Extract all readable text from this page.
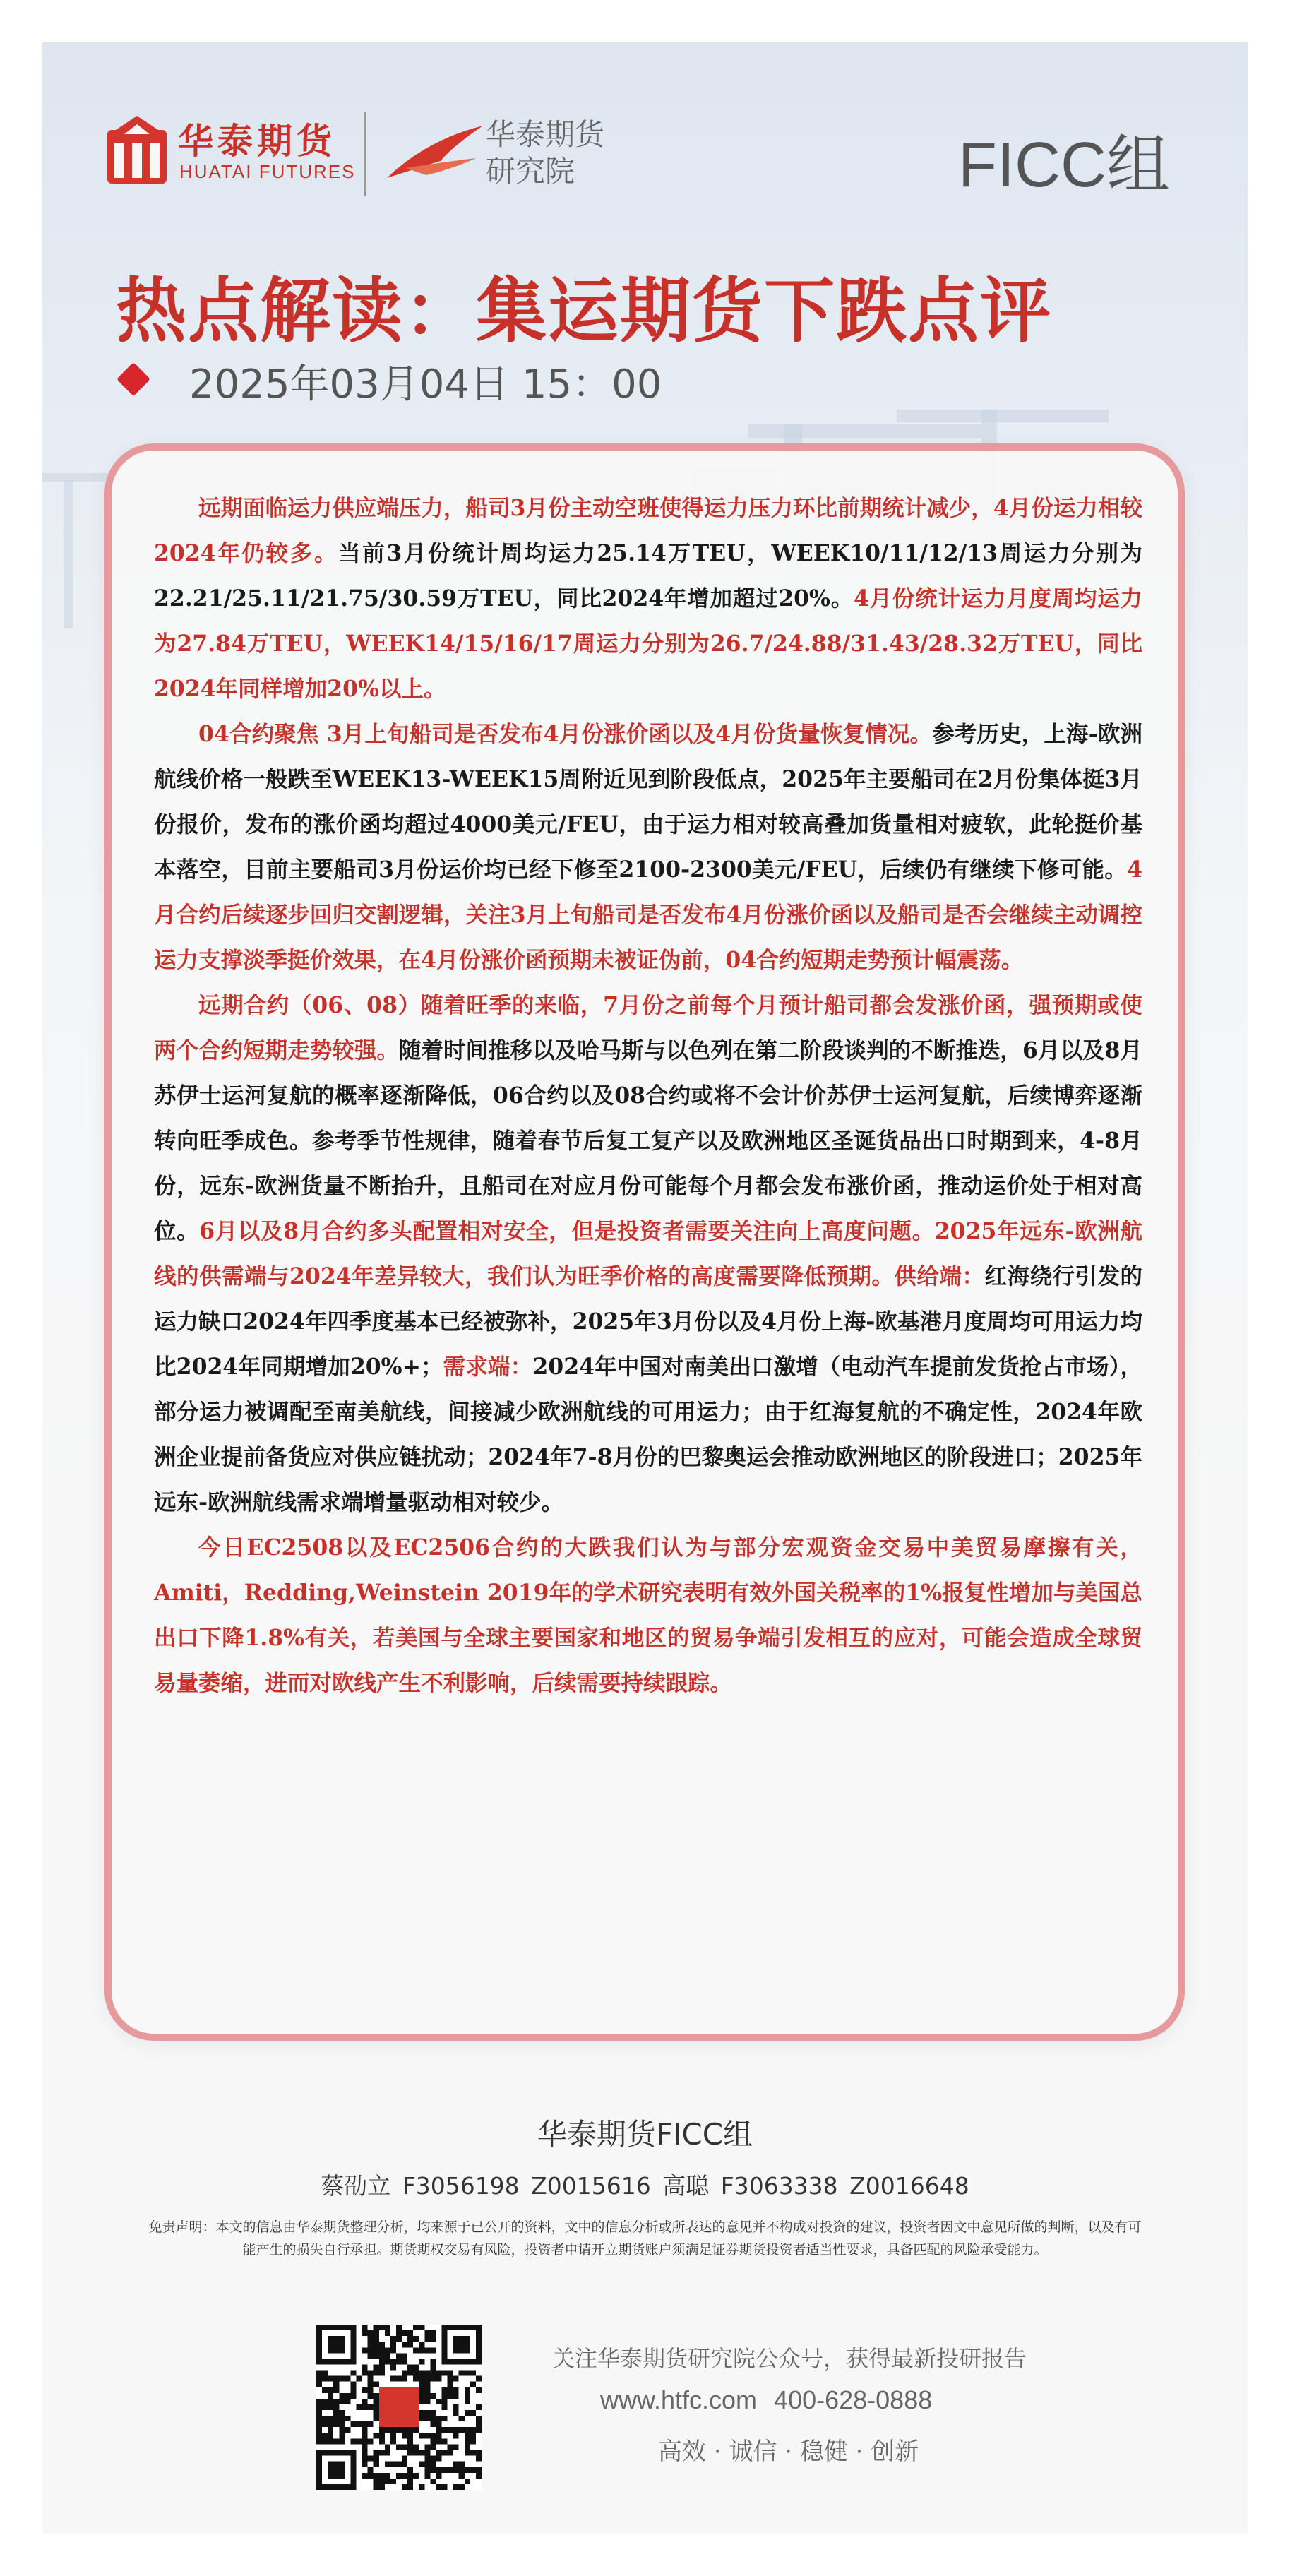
华泰期货
HUATAI FUTURES
华泰期货
研究院	FICC组
热点解读：集运期货下跌点评
2025年03月04日 15：00

远期面临运力供应端压力，船司3月份主动空班使得运力压力环比前期统计减少，4月份运力相较2024年仍较多。当前3月份统计周均运力25.14万TEU，WEEK10/11/12/13周运力分别为22.21/25.11/21.75/30.59万TEU，同比2024年增加超过20%。4月份统计运力月度周均运力为27.84万TEU，WEEK14/15/16/17周运力分别为26.7/24.88/31.43/28.32万TEU，同比2024年同样增加20%以上。

04合约聚焦 3月上旬船司是否发布4月份涨价函以及4月份货量恢复情况。参考历史，上海-欧洲航线价格一般跌至WEEK13-WEEK15周附近见到阶段低点，2025年主要船司在2月份集体挺3月份报价，发布的涨价函均超过4000美元/FEU，由于运力相对较高叠加货量相对疲软，此轮挺价基本落空，目前主要船司3月份运价均已经下修至2100-2300美元/FEU，后续仍有继续下修可能。4月合约后续逐步回归交割逻辑，关注3月上旬船司是否发布4月份涨价函以及船司是否会继续主动调控运力支撑淡季挺价效果，在4月份涨价函预期未被证伪前，04合约短期走势预计幅震荡。

远期合约（06、08）随着旺季的来临，7月份之前每个月预计船司都会发涨价函，强预期或使两个合约短期走势较强。随着时间推移以及哈马斯与以色列在第二阶段谈判的不断推迭，6月以及8月苏伊士运河复航的概率逐渐降低，06合约以及08合约或将不会计价苏伊士运河复航，后续博弈逐渐转向旺季成色。参考季节性规律，随着春节后复工复产以及欧洲地区圣诞货品出口时期到来，4-8月份，远东-欧洲货量不断抬升，且船司在对应月份可能每个月都会发布涨价函，推动运价处于相对高位。6月以及8月合约多头配置相对安全，但是投资者需要关注向上高度问题。2025年远东-欧洲航线的供需端与2024年差异较大，我们认为旺季价格的高度需要降低预期。供给端：红海绕行引发的运力缺口2024年四季度基本已经被弥补，2025年3月份以及4月份上海-欧基港月度周均可用运力均比2024年同期增加20%+；需求端：2024年中国对南美出口激增（电动汽车提前发货抢占市场），部分运力被调配至南美航线，间接减少欧洲航线的可用运力；由于红海复航的不确定性，2024年欧洲企业提前备货应对供应链扰动；2024年7-8月份的巴黎奥运会推动欧洲地区的阶段进口；2025年远东-欧洲航线需求端增量驱动相对较少。

今日EC2508以及EC2506合约的大跌我们认为与部分宏观资金交易中美贸易摩擦有关，Amiti，Redding,Weinstein 2019年的学术研究表明有效外国关税率的1%报复性增加与美国总出口下降1.8%有关，若美国与全球主要国家和地区的贸易争端引发相互的应对，可能会造成全球贸易量萎缩，进而对欧线产生不利影响，后续需要持续跟踪。

华泰期货FICC组
蔡劭立 F3056198 Z0015616 高聪 F3063338 Z0016648
免责声明：本文的信息由华泰期货整理分析，均来源于已公开的资料，文中的信息分析或所表达的意见并不构成对投资的建议，投资者因文中意见所做的判断，以及有可能产生的损失自行承担。期货期权交易有风险，投资者申请开立期货账户须满足证券期货投资者适当性要求，具备匹配的风险承受能力。
关注华泰期货研究院公众号，获得最新投研报告
www.htfc.com 400-628-0888
高效 · 诚信 · 稳健 · 创新
